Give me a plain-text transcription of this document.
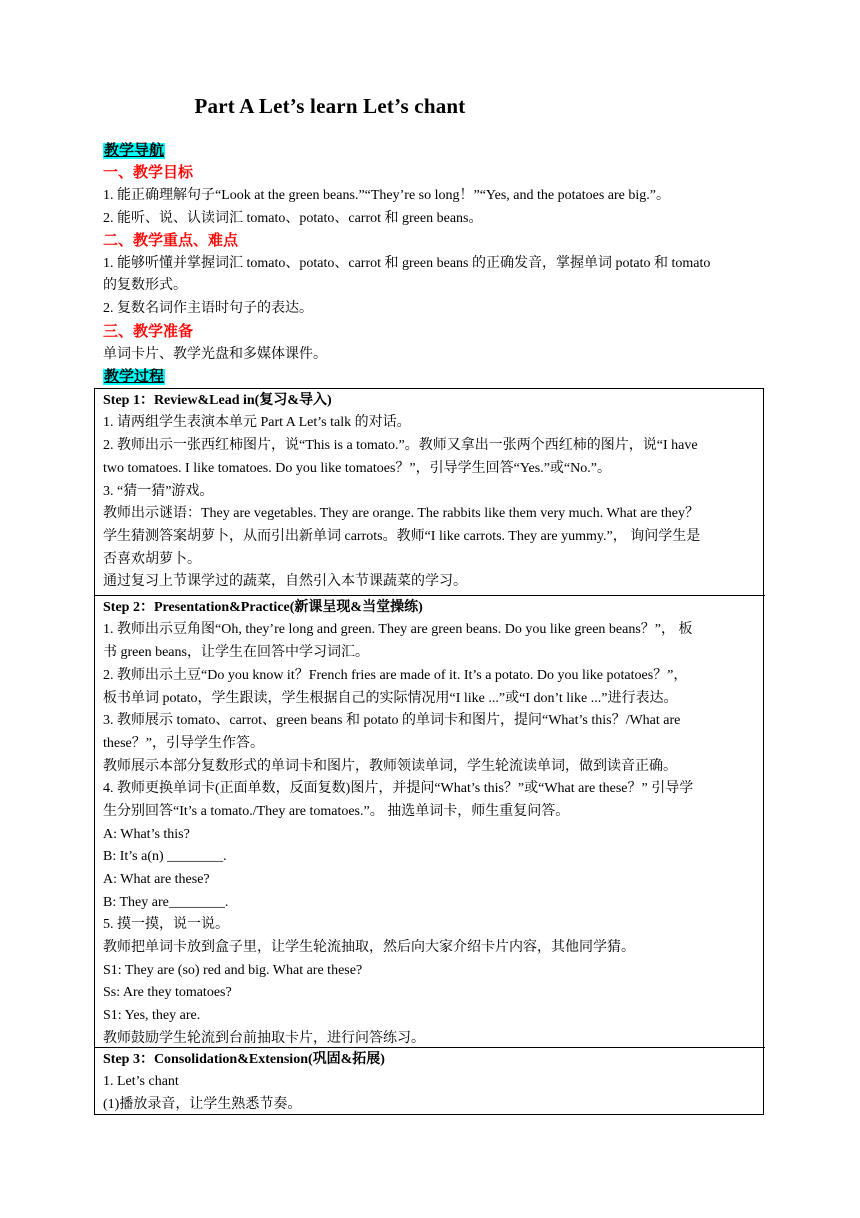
Part A Let’s learn Let’s chant
教学导航
一、教学目标
1. 能正确理解句子“Look at the green beans.”“They’re so long！”“Yes, and the potatoes are big.”。
2. 能听、说、认读词汇 tomato、potato、carrot 和 green beans。
二、教学重点、难点
1. 能够听懂并掌握词汇 tomato、potato、carrot 和 green beans 的正确发音，掌握单词 potato 和 tomato
的复数形式。
2. 复数名词作主语时句子的表达。
三、教学准备
单词卡片、教学光盘和多媒体课件。
教学过程
Step 1：Review&Lead in(复习&导入)
1. 请两组学生表演本单元 Part A Let’s talk 的对话。
2. 教师出示一张西红柿图片，说“This is a tomato.”。教师又拿出一张两个西红柿的图片，说“I have
two tomatoes. I like tomatoes. Do you like tomatoes？”，引导学生回答“Yes.”或“No.”。
3. “猜一猜”游戏。
教师出示谜语：They are vegetables. They are orange. The rabbits like them very much. What are they？
学生猜测答案胡萝卜，从而引出新单词 carrots。教师“I like carrots. They are yummy.”， 询问学生是
否喜欢胡萝卜。
通过复习上节课学过的蔬菜，自然引入本节课蔬菜的学习。
Step 2：Presentation&Practice(新课呈现&当堂操练)
1. 教师出示豆角图“Oh, they’re long and green. They are green beans. Do you like green beans？”， 板
书 green beans，让学生在回答中学习词汇。
2. 教师出示土豆“Do you know it？French fries are made of it. It’s a potato. Do you like potatoes？”，
板书单词 potato，学生跟读，学生根据自己的实际情况用“I like ...”或“I don’t like ...”进行表达。
3. 教师展示 tomato、carrot、green beans 和 potato 的单词卡和图片，提问“What’s this？/What are
these？”，引导学生作答。
教师展示本部分复数形式的单词卡和图片，教师领读单词，学生轮流读单词，做到读音正确。
4. 教师更换单词卡(正面单数，反面复数)图片，并提问“What’s this？”或“What are these？” 引导学
生分别回答“It’s a tomato./They are tomatoes.”。 抽选单词卡，师生重复问答。
A: What’s this?
B: It’s a(n) ________.
A: What are these?
B: They are________.
5. 摸一摸，说一说。
教师把单词卡放到盒子里，让学生轮流抽取，然后向大家介绍卡片内容，其他同学猜。
S1: They are (so) red and big. What are these?
Ss: Are they tomatoes?
S1: Yes, they are.
教师鼓励学生轮流到台前抽取卡片，进行问答练习。
Step 3：Consolidation&Extension(巩固&拓展)
1. Let’s chant
(1)播放录音，让学生熟悉节奏。
